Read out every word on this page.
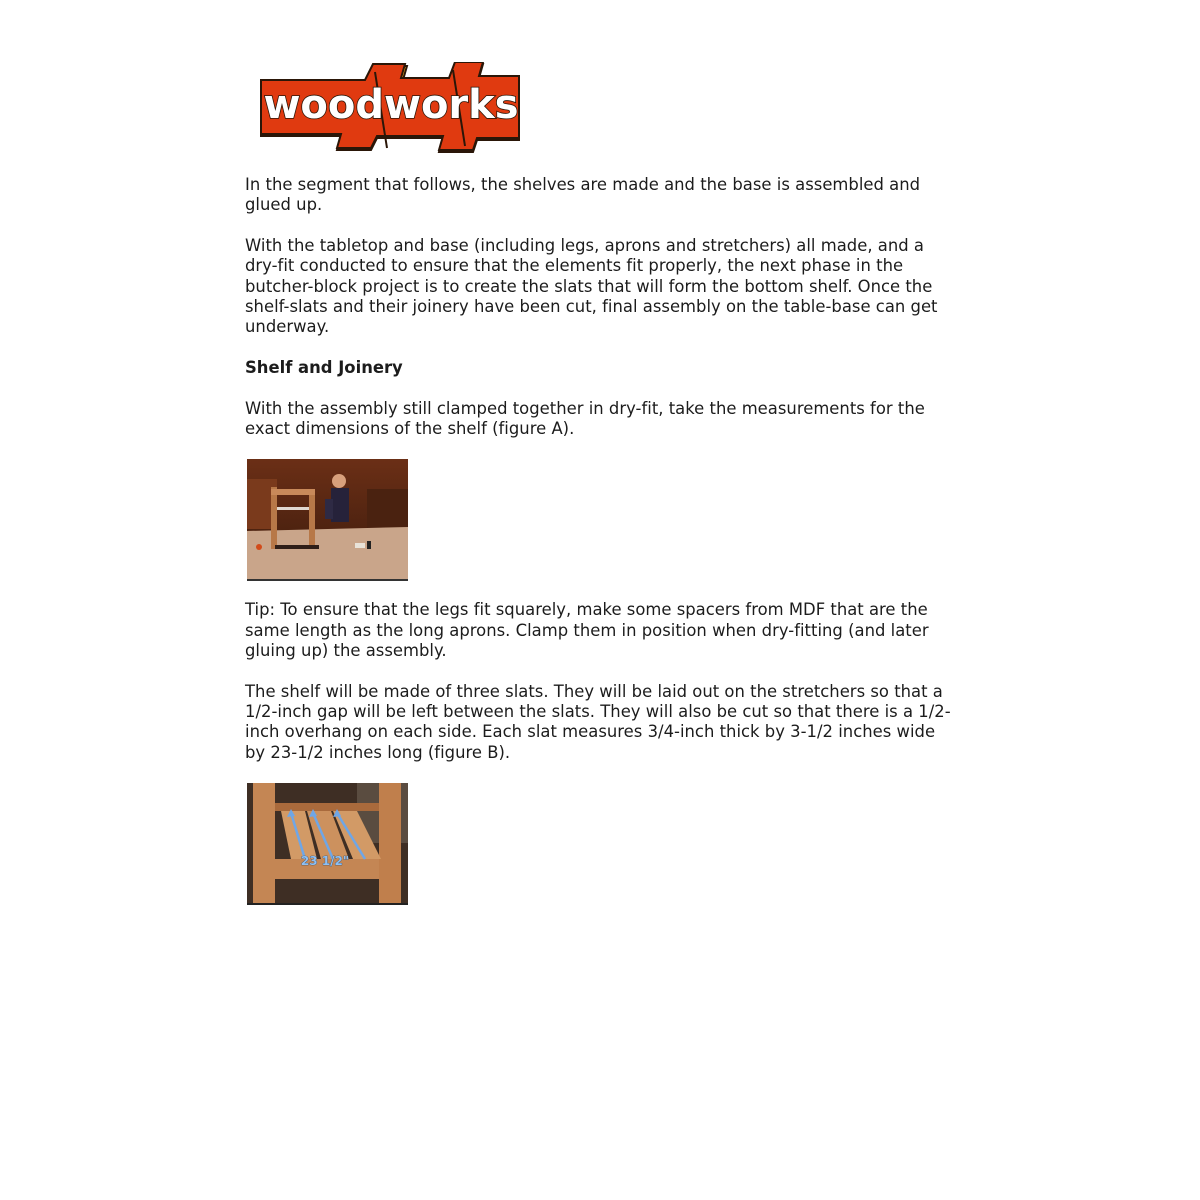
woodworks

In the segment that follows, the shelves are made and the base is assembled and glued up.

With the tabletop and base (including legs, aprons and stretchers) all made, and a dry-fit conducted to ensure that the elements fit properly, the next phase in the butcher-block project is to create the slats that will form the bottom shelf. Once the shelf-slats and their joinery have been cut, final assembly on the table-base can get underway.

Shelf and Joinery

With the assembly still clamped together in dry-fit, take the measurements for the exact dimensions of the shelf (figure A).

Tip: To ensure that the legs fit squarely, make some spacers from MDF that are the same length as the long aprons. Clamp them in position when dry-fitting (and later gluing up) the assembly.

The shelf will be made of three slats. They will be laid out on the stretchers so that a 1/2-inch gap will be left between the slats. They will also be cut so that there is a 1/2-inch overhang on each side. Each slat measures 3/4-inch thick by 3-1/2 inches wide by 23-1/2 inches long (figure B).

23 1/2"
